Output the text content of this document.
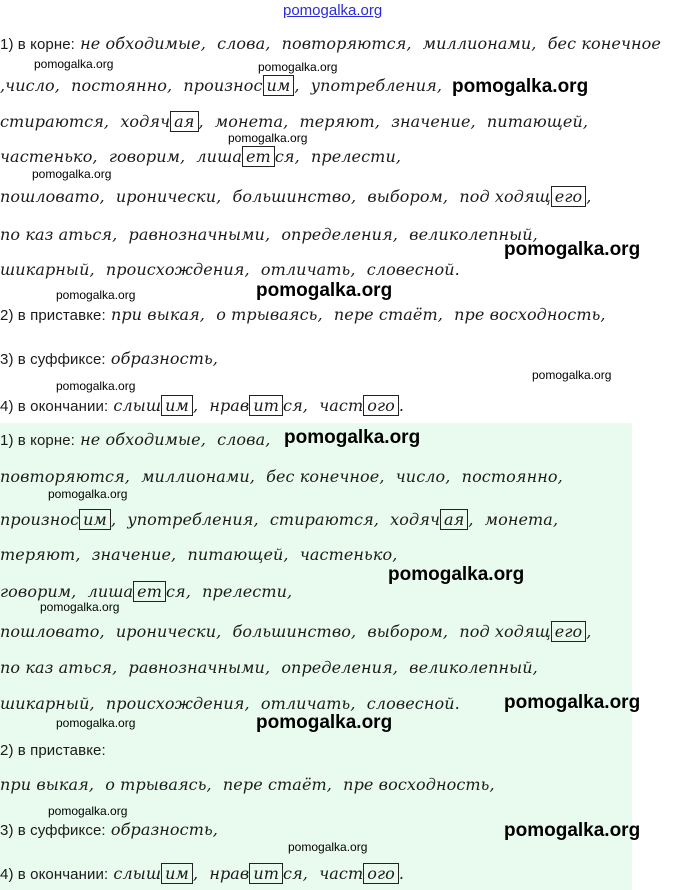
pomogalka.org
1) в корне: не обходимые, слова, повторяются, миллионами, бес конечное
pomogalka.org	pomogalka.org
,число, постоянно, произнос им , употребления, pomogalka.org
стираются, ходяч ая , монета, теряют, значение, питающей,
pomogalka.org
частенько, говорим, лиша ет ся, прелести,
pomogalka.org
пошловато, иронически, большинство, выбором, под ходящ его ,
по каз аться, равнозначными, определения, великолепный,
pomogalka.org
шикарный, происхождения, отличать, словесной.
pomogalka.org	pomogalka.org
2) в приставке: при выкая, о трываясь, пере стаёт, пре восходность,
3) в суффиксе: образность,
pomogalka.org
pomogalka.org
4) в окончании: слыш им , нрав ит ся, част ого .
1) в корне: не обходимые, слова, pomogalka.org
повторяются, миллионами, бес конечное, число, постоянно,
pomogalka.org
произнос им , употребления, стираются, ходяч ая , монета,
теряют, значение, питающей, частенько,
pomogalka.org
говорим, лиша ет ся, прелести,
pomogalka.org
пошловато, иронически, большинство, выбором, под ходящ его ,
по каз аться, равнозначными, определения, великолепный,
шикарный, происхождения, отличать, словесной.	pomogalka.org
pomogalka.org	pomogalka.org
2) в приставке:
при выкая, о трываясь, пере стаёт, пре восходность,
pomogalka.org
3) в суффиксе: образность,	pomogalka.org
pomogalka.org
4) в окончании: слыш им , нрав ит ся, част ого .
